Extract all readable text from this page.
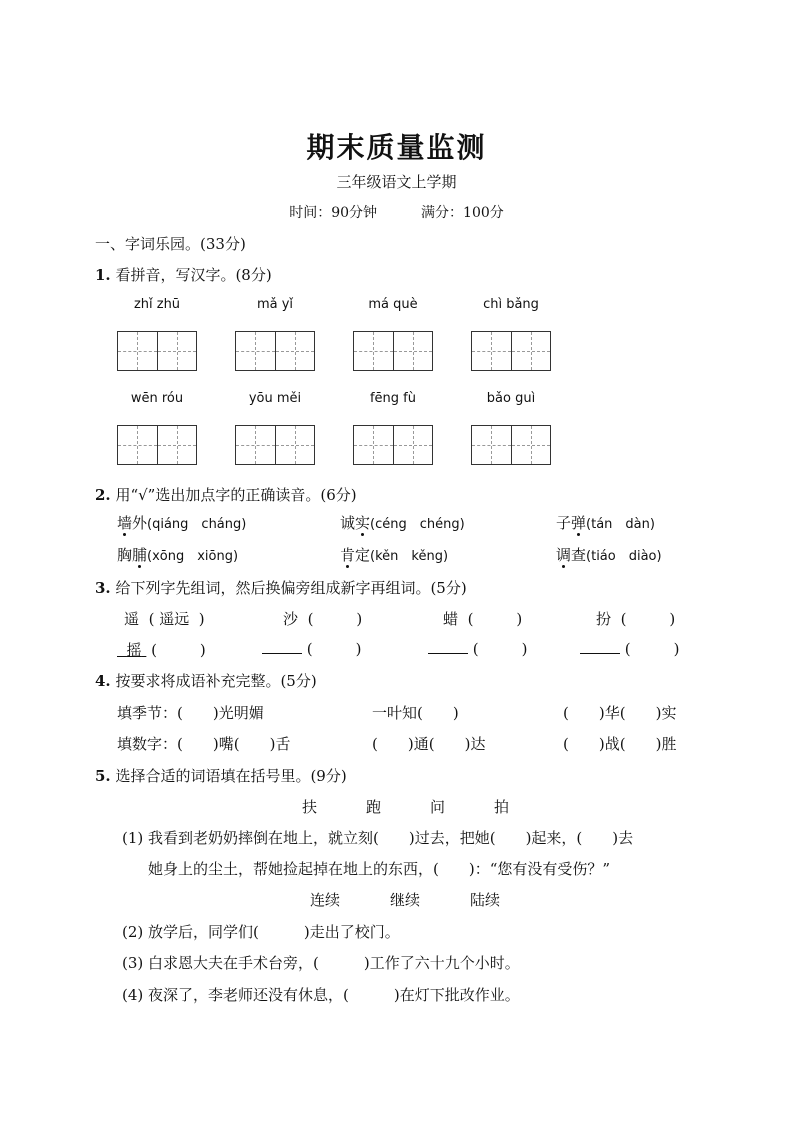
期末质量监测
三年级语文上学期
时间：90分钟	满分：100分
一、字词乐园。(33分)
1. 看拼音，写汉字。(8分)
zhǐ zhū	mǎ yǐ	má què	chì bǎng
wēn róu	yōu měi	fēng fù	bǎo guì
2. 用“√”选出加点字的正确读音。(6分)
墙外(qiáng　cháng)	诚实(céng　chéng)	子弹(tán　dàn)
胸脯(xōng　xiōng)	肯定(kěn　kěng)	调查(tiáo　diào)
3. 给下列字先组词，然后换偏旁组成新字再组词。(5分)
遥 ( 遥远 )	沙 (	)	蜡 (	)	扮 (	)
摇 (	)	(	)	(	)	(	)
4. 按要求将成语补充完整。(5分)
填季节：(　　)光明媚	一叶知(　　)	(　　)华(　　)实
填数字：(　　)嘴(　　)舌	(　　)通(　　)达	(　　)战(　　)胜
5. 选择合适的词语填在括号里。(9分)
扶	跑	问	拍
(1) 我看到老奶奶摔倒在地上，就立刻(　　)过去，把她(　　)起来，(　　)去
她身上的尘土，帮她捡起掉在地上的东西，(　　)：“您有没有受伤？”
连续	继续	陆续
(2) 放学后，同学们(　　　)走出了校门。
(3) 白求恩大夫在手术台旁，(　　　)工作了六十九个小时。
(4) 夜深了，李老师还没有休息，(　　　)在灯下批改作业。
